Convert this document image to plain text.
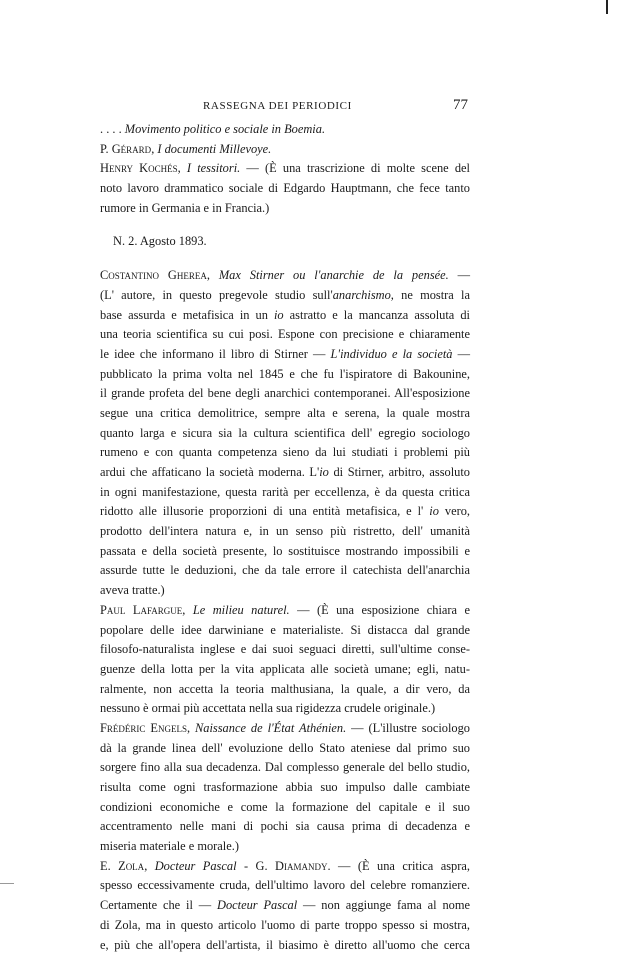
RASSEGNA DEI PERIODICI	77
. . . . Movimento politico e sociale in Boemia.
P. Gérard, I documenti Millevoye.
Henry Kochés, I tessitori. — (È una trascrizione di molte scene del
noto lavoro drammatico sociale di Edgardo Hauptmann, che fece tanto
rumore in Germania e in Francia.)
N. 2. Agosto 1893.
Costantino Gherea, Max Stirner ou l'anarchie de la pensée. —
(L' autore, in questo pregevole studio sull'anarchismo, ne mostra la
base assurda e metafisica in un io astratto e la mancanza assoluta di
una teoria scientifica su cui posi. Espone con precisione e chiaramente
le idee che informano il libro di Stirner — L'individuo e la società —
pubblicato la prima volta nel 1845 e che fu l'ispiratore di Bakounine,
il grande profeta del bene degli anarchici contemporanei. All'esposizione
segue una critica demolitrice, sempre alta e serena, la quale mostra
quanto larga e sicura sia la cultura scientifica dell' egregio sociologo
rumeno e con quanta competenza sieno da lui studiati i problemi più
ardui che affaticano la società moderna. L'io di Stirner, arbitro, assoluto
in ogni manifestazione, questa rarità per eccellenza, è da questa critica
ridotto alle illusorie proporzioni di una entità metafisica, e l' io vero,
prodotto dell'intera natura e, in un senso più ristretto, dell' umanità
passata e della società presente, lo sostituisce mostrando impossibili e
assurde tutte le deduzioni, che da tale errore il catechista dell'anarchia
aveva tratte.)
Paul Lafargue, Le milieu naturel. — (È una esposizione chiara e
popolare delle idee darwiniane e materialiste. Si distacca dal grande
filosofo-naturalista inglese e dai suoi seguaci diretti, sull'ultime conse-
guenze della lotta per la vita applicata alle società umane; egli, natu-
ralmente, non accetta la teoria malthusiana, la quale, a dir vero, da
nessuno è ormai più accettata nella sua rigidezza crudele originale.)
Frédéric Engels, Naissance de l'État Athénien. — (L'illustre sociologo
dà la grande linea dell' evoluzione dello Stato ateniese dal primo suo
sorgere fino alla sua decadenza. Dal complesso generale del bello studio,
risulta come ogni trasformazione abbia suo impulso dalle cambiate
condizioni economiche e come la formazione del capitale e il suo
accentramento nelle mani di pochi sia causa prima di decadenza e
miseria materiale e morale.)
E. Zola, Docteur Pascal - G. Diamandy. — (È una critica aspra,
spesso eccessivamente cruda, dell'ultimo lavoro del celebre romanziere.
Certamente che il — Docteur Pascal — non aggiunge fama al nome
di Zola, ma in questo articolo l'uomo di parte troppo spesso si mostra,
e, più che all'opera dell'artista, il biasimo è diretto all'uomo che cerca
